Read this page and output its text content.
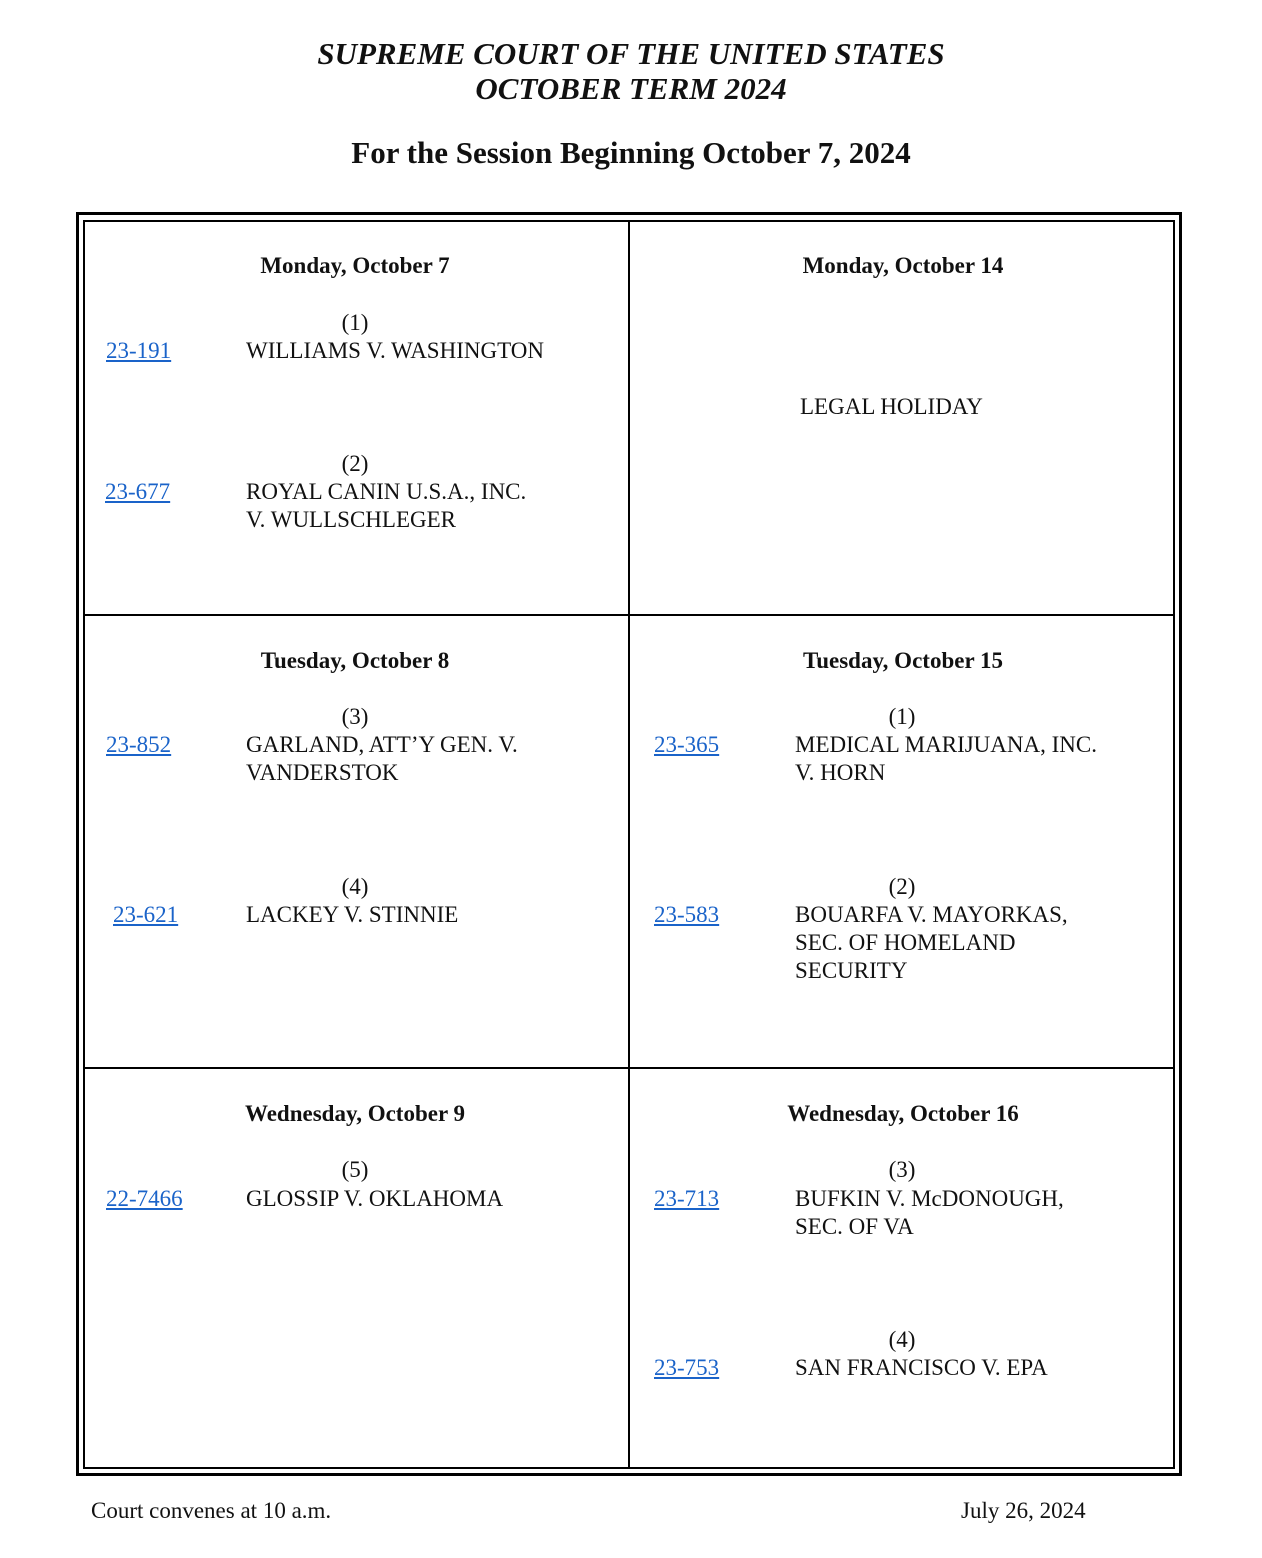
SUPREME COURT OF THE UNITED STATES
OCTOBER TERM 2024
For the Session Beginning October 7, 2024
Monday, October 7
(1)
23-191	WILLIAMS V. WASHINGTON
(2)
23-677	ROYAL CANIN U.S.A., INC.
V. WULLSCHLEGER
Monday, October 14
LEGAL HOLIDAY
Tuesday, October 8
(3)
23-852	GARLAND, ATT’Y GEN. V.
VANDERSTOK
(4)
23-621	LACKEY V. STINNIE
Tuesday, October 15
(1)
23-365	MEDICAL MARIJUANA, INC.
V. HORN
(2)
23-583	BOUARFA V. MAYORKAS,
SEC. OF HOMELAND
SECURITY
Wednesday, October 9
(5)
22-7466	GLOSSIP V. OKLAHOMA
Wednesday, October 16
(3)
23-713	BUFKIN V. McDONOUGH,
SEC. OF VA
(4)
23-753	SAN FRANCISCO V. EPA
Court convenes at 10 a.m.	July 26, 2024
